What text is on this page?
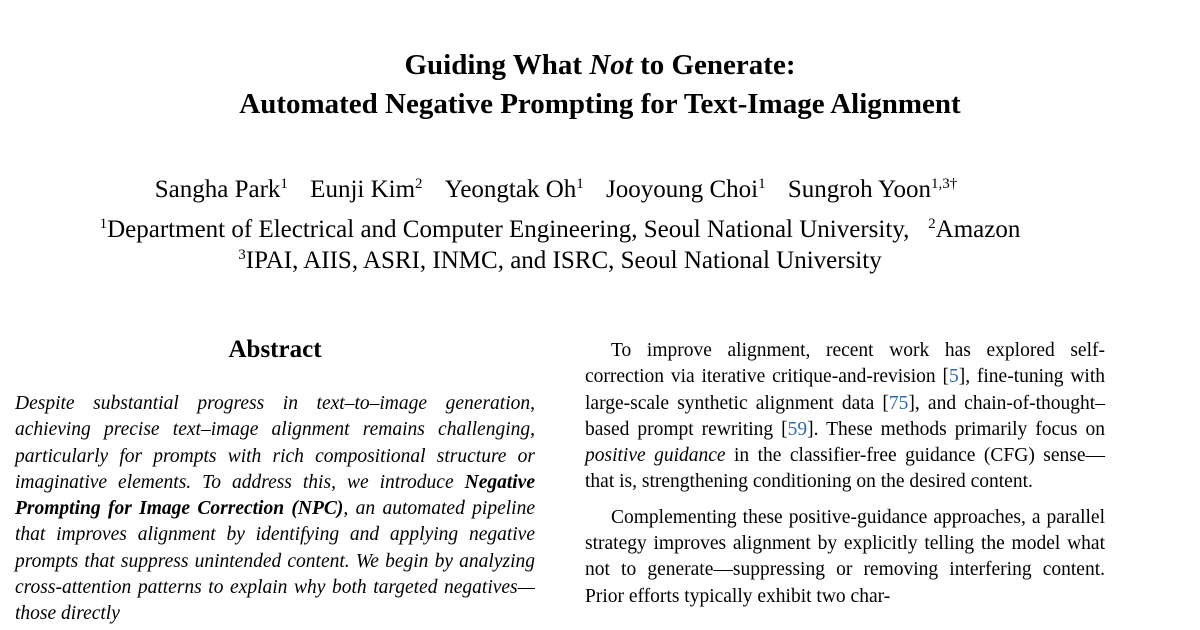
Guiding What Not to Generate:
Automated Negative Prompting for Text-Image Alignment
Sangha Park$^1$ Eunji Kim$^2$ Yeongtak Oh$^1$ Jooyoung Choi$^1$ Sungroh Yoon$^{1,3\dagger}$
$^1$Department of Electrical and Computer Engineering, Seoul National University, $^2$Amazon
$^3$IPAI, AIIS, ASRI, INMC, and ISRC, Seoul National University
Abstract

Despite substantial progress in text–to–image generation, achieving precise text–image alignment remains challenging, particularly for prompts with rich compositional structure or imaginative elements. To address this, we introduce Negative Prompting for Image Correction (NPC), an automated pipeline that improves alignment by identifying and applying negative prompts that suppress unintended content. We begin by analyzing cross-attention patterns to explain why both targeted negatives—those directly

To improve alignment, recent work has explored self-correction via iterative critique-and-revision [5], fine-tuning with large-scale synthetic alignment data [75], and chain-of-thought–based prompt rewriting [59]. These methods primarily focus on positive guidance in the classifier-free guidance (CFG) sense—that is, strengthening conditioning on the desired content.

Complementing these positive-guidance approaches, a parallel strategy improves alignment by explicitly telling the model what not to generate—suppressing or removing interfering content. Prior efforts typically exhibit two char-
